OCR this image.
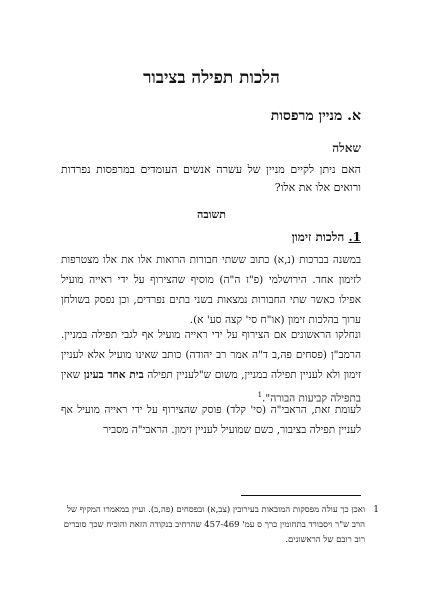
הלכות תפילה בציבור
א. מניין מרפסות
שאלה

האם ניתן לקיים מניין של עשרה אנשים העומדים במרפסות נפרדות ורואים אלו את אלו?

תשובה
1. הלכות זימון

במשנה בברכות (נ,א) כתוב ששתי חבורות הרואות אלו את אלו מצטרפות לזימון אחד. הירושלמי (פ"ז ה"ה) מוסיף שהצירוף על ידי ראייה מועיל אפילו כאשר שתי החבורות נמצאות בשני בתים נפרדים, וכן נפסק בשולחן ערוך בהלכות זימון (או"ח סי' קצה סע' א).

ונחלקו הראשונים אם הצירוף על ידי ראייה מועיל אף לגבי תפילה במניין. הרמב"ן (פסחים פה,ב ד"ה אמר רב יהודה) כותב שאינו מועיל אלא לעניין זימון ולא לעניין תפילה במניין, משום ש"לעניין תפילה בית אחד בעינן שאין בתפילה קביעות הבורה".$^1$

לעומת זאת, הראבי"ה (סי' קלד) פוסק שהצירוף על ידי ראייה מועיל אף לעניין תפילה בציבור, כשם שמועיל לעניין זימון. הראבי"ה מסביר

1
ואכן כך עולה מפסקות המובאות בעירובין (צב,א) ובפסחים (פה,ב). ועיין במאמרו המקיף של הרב ש"ר ויסבורד בתחומין כרך ס עמ' 457-469 שהרחיב בנקודה הזאת והוכיח שכך סוברים רוב רובם של הראשונים.
